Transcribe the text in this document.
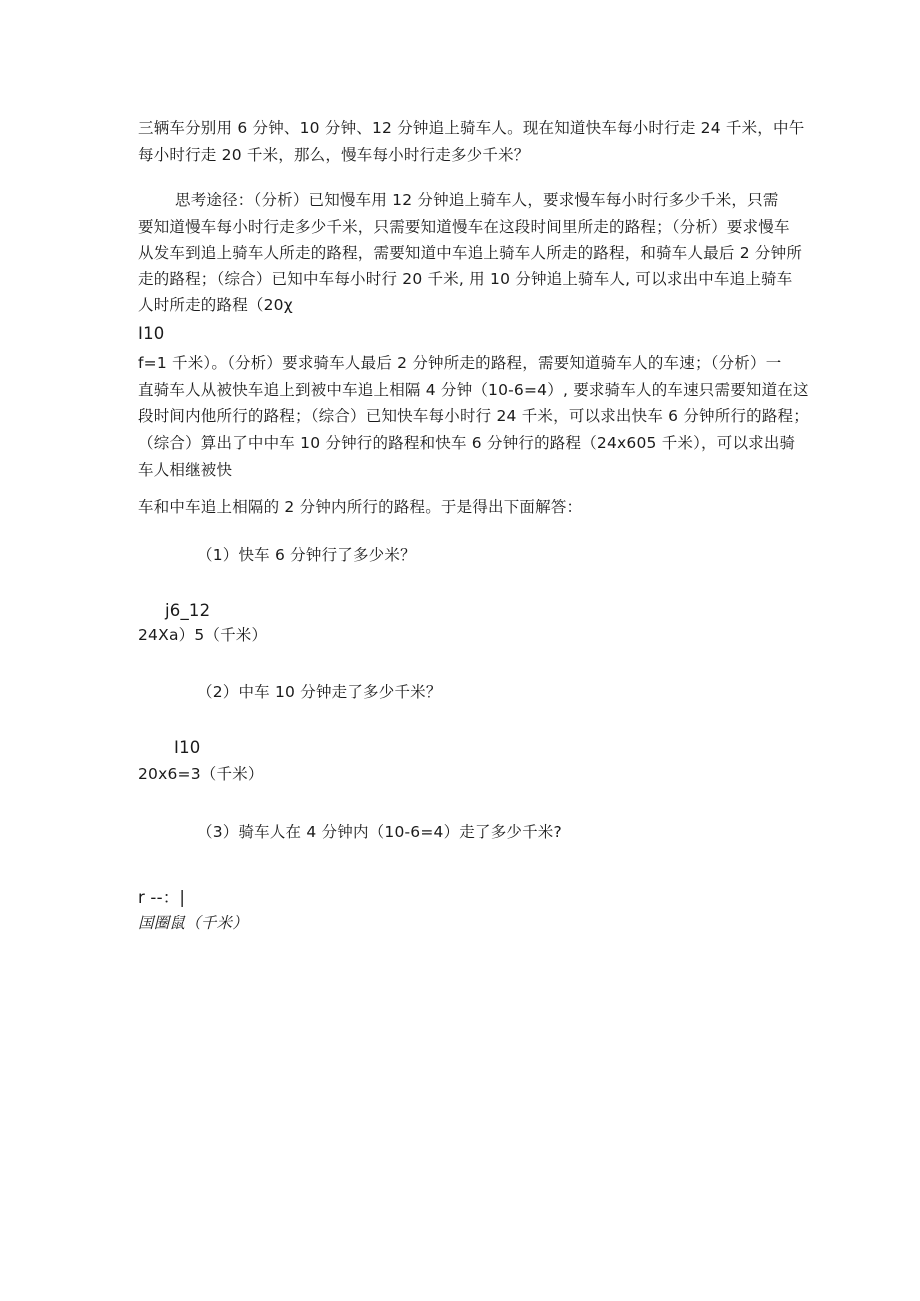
三辆车分别用 6 分钟、10 分钟、12 分钟追上骑车人。现在知道快车每小时行走 24 千米，中午
每小时行走 20 千米，那么，慢车每小时行走多少千米？
思考途径：（分析）已知慢车用 12 分钟追上骑车人，要求慢车每小时行多少千米，只需
要知道慢车每小时行走多少千米，只需要知道慢车在这段时间里所走的路程；（分析）要求慢车
从发车到追上骑车人所走的路程，需要知道中车追上骑车人所走的路程，和骑车人最后 2 分钟所
走的路程；（综合）已知中车每小时行 20 千米, 用 10 分钟追上骑车人, 可以求出中车追上骑车
人时所走的路程（20χ
I10
f=1 千米）。（分析）要求骑车人最后 2 分钟所走的路程，需要知道骑车人的车速；（分析）一
直骑车人从被快车追上到被中车追上相隔 4 分钟（10-6=4）, 要求骑车人的车速只需要知道在这
段时间内他所行的路程；（综合）已知快车每小时行 24 千米，可以求出快车 6 分钟所行的路程；
（综合）算出了中中车 10 分钟行的路程和快车 6 分钟行的路程（24x605 千米），可以求出骑
车人相继被快
车和中车追上相隔的 2 分钟内所行的路程。于是得出下面解答：
（1）快车 6 分钟行了多少米？
j6_12
24Xa）5（千米）
（2）中车 10 分钟走了多少千米？
I10
20x6=3（千米）
（3）骑车人在 4 分钟内（10-6=4）走了多少千米?
r --：|
国圈鼠（千米）
